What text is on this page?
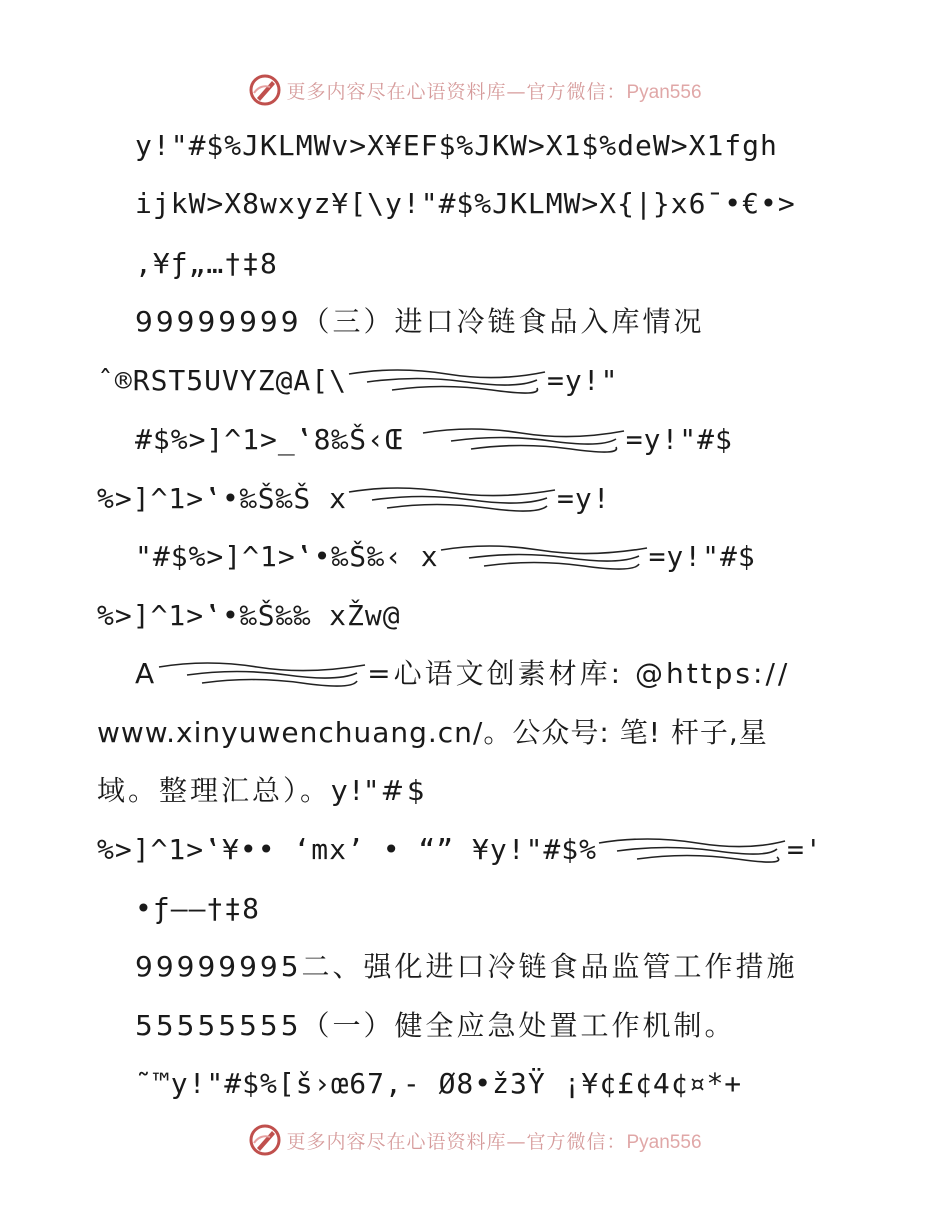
更多内容尽在心语资料库—官方微信：Pyan556
y!"#$%JKLMWv>X¥EF$%JKW>X1$%deW>X1fgh
ijkW>X8wxyz¥[\y!"#$%JKLMW>X{|}x6¯•€•>
,¥ƒ„…†‡8
99999999（三）进口冷链食品入库情况
ˆ®RST5UVYZ@A[\	=y!"
#$%>]^1>_‛8‰Š‹Œ	=y!"#$
%>]^1>‛•‰Š‰Š x	=y!
"#$%>]^1>‛•‰Š‰‹ x	=y!"#$
%>]^1>‛•‰Š‰‰ xŽw@
A	=心语文创素材库: @https://
www.xinyuwenchuang.cn/。公众号: 笔! 杆子,星
域。整理汇总）。y!"#$
%>]^1>‛¥•• ‘mx’ • “” ¥y!"#$%	='
•ƒ–—†‡8
99999995二、强化进口冷链食品监管工作措施
55555555（一）健全应急处置工作机制。
˜™y!"#$%[š›œ67,- Ø8•ž3Ÿ ¡¥¢£¢4¢¤*+
更多内容尽在心语资料库—官方微信：Pyan556
